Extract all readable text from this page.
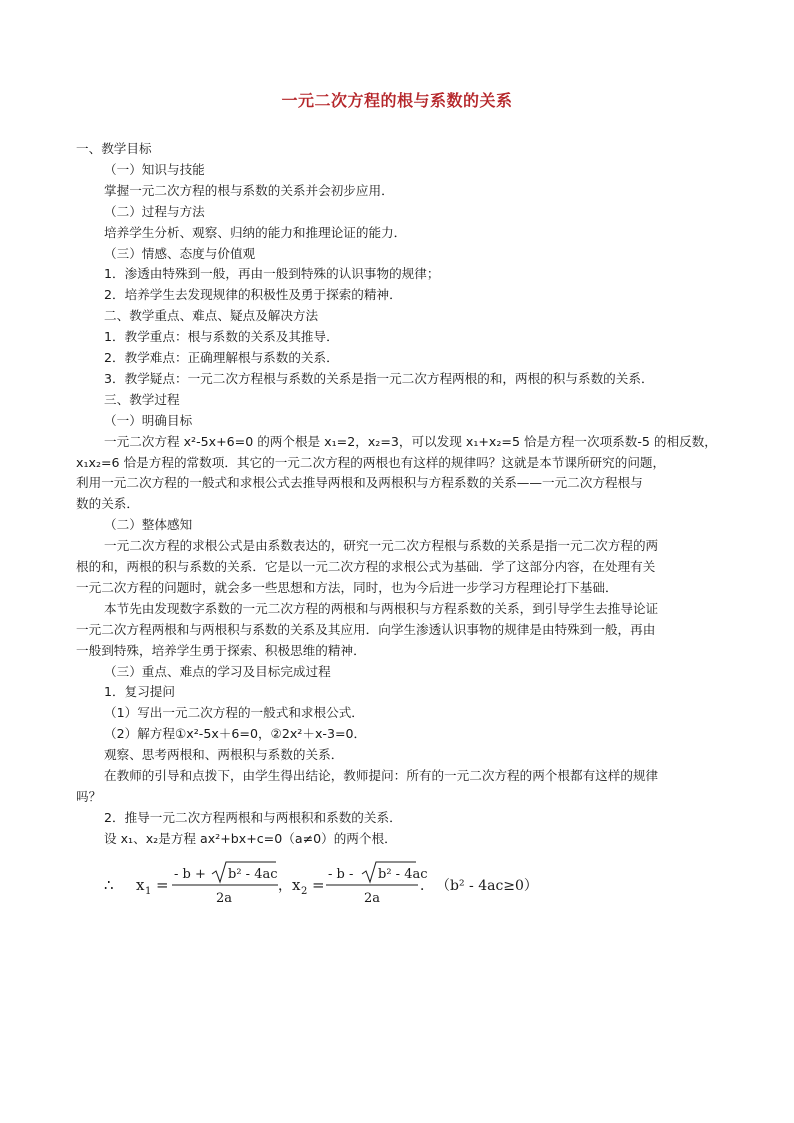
一元二次方程的根与系数的关系
一、教学目标
（一）知识与技能
掌握一元二次方程的根与系数的关系并会初步应用．
（二）过程与方法
培养学生分析、观察、归纳的能力和推理论证的能力．
（三）情感、态度与价值观
1．渗透由特殊到一般，再由一般到特殊的认识事物的规律；
2．培养学生去发现规律的积极性及勇于探索的精神．
二、教学重点、难点、疑点及解决方法
1．教学重点：根与系数的关系及其推导．
2．教学难点：正确理解根与系数的关系．
3．教学疑点：一元二次方程根与系数的关系是指一元二次方程两根的和，两根的积与系数的关系．
三、教学过程
（一）明确目标
一元二次方程 x²-5x+6=0 的两个根是 x₁=2，x₂=3，可以发现 x₁+x₂=5 恰是方程一次项系数-5 的相反数，
x₁x₂=6 恰是方程的常数项．其它的一元二次方程的两根也有这样的规律吗？这就是本节课所研究的问题，
利用一元二次方程的一般式和求根公式去推导两根和及两根积与方程系数的关系——一元二次方程根与
数的关系．
（二）整体感知
一元二次方程的求根公式是由系数表达的，研究一元二次方程根与系数的关系是指一元二次方程的两
根的和，两根的积与系数的关系．它是以一元二次方程的求根公式为基础．学了这部分内容，在处理有关
一元二次方程的问题时，就会多一些思想和方法，同时，也为今后进一步学习方程理论打下基础．
本节先由发现数字系数的一元二次方程的两根和与两根积与方程系数的关系，到引导学生去推导论证
一元二次方程两根和与两根积与系数的关系及其应用．向学生渗透认识事物的规律是由特殊到一般，再由
一般到特殊，培养学生勇于探索、积极思维的精神．
（三）重点、难点的学习及目标完成过程
1．复习提问
（1）写出一元二次方程的一般式和求根公式．
（2）解方程①x²-5x＋6=0，②2x²＋x-3=0．
观察、思考两根和、两根积与系数的关系．
在教师的引导和点拨下，由学生得出结论，教师提问：所有的一元二次方程的两个根都有这样的规律
吗？
2．推导一元二次方程两根和与两根积和系数的关系．
设 x₁、x₂是方程 ax²+bx+c=0（a≠0）的两个根．
∴ x 1 =
- b + b² - 4ac
2a
， x 2 =
- b - b² - 4ac
2a
． （b² - 4ac≥0）
